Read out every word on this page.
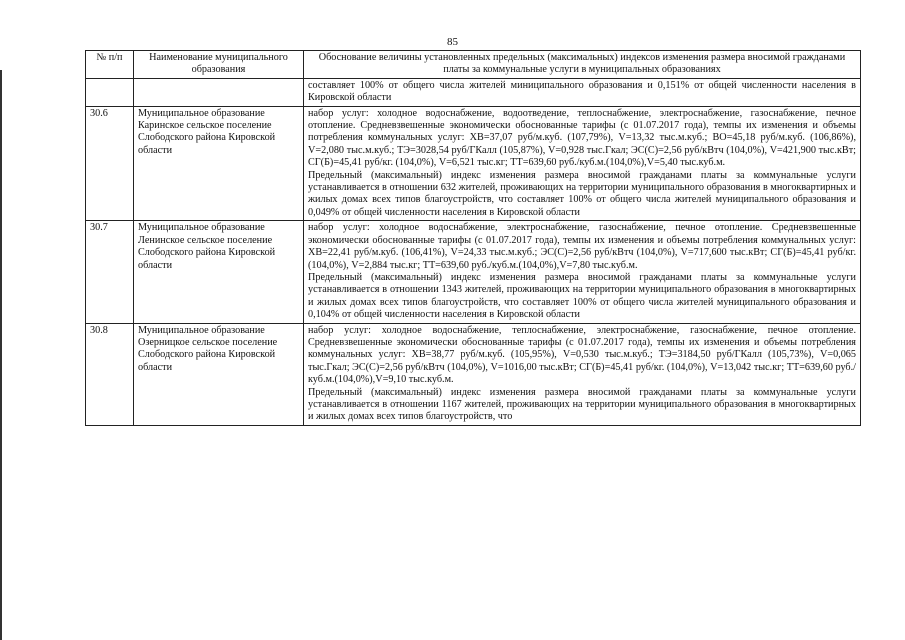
85
№ п/п	Наименование муниципального образования	Обоснование величины установленных предельных (максимальных) индексов изменения размера вносимой гражданами платы за коммунальные услуги в муниципальных образованиях

		составляет 100% от общего числа жителей миниципального образования и 0,151% от общей численности населения в Кировской области

30.6	Муниципальное образование Каринское сельское поселение Слободского района Кировской области	набор услуг: холодное водоснабжение, водоотведение, теплоснабжение, электроснабжение, газоснабжение, печное отопление. Средневзвешенные экономически обоснованные тарифы (с 01.07.2017 года), темпы их изменения и объемы потребления коммунальных услуг: ХВ=37,07 руб/м.куб. (107,79%), V=13,32 тыс.м.куб.; ВО=45,18 руб/м.куб. (106,86%), V=2,080 тыс.м.куб.; ТЭ=3028,54 руб/ГКалл (105,87%), V=0,928 тыс.Гкал; ЭС(С)=2,56 руб/кВтч (104,0%), V=421,900 тыс.кВт; СГ(Б)=45,41 руб/кг. (104,0%), V=6,521 тыс.кг; ТТ=639,60 руб./куб.м.(104,0%),V=5,40 тыс.куб.м.

Предельный (максимальный) индекс изменения размера вносимой гражданами платы за коммунальные услуги устанавливается в отношении 632 жителей, проживающих на территории муниципального образования в многоквартирных и жилых домах всех типов благоустройств, что составляет 100% от общего числа жителей муниципального образования и 0,049% от общей численности населения в Кировской области

30.7	Муниципальное образование Ленинское сельское поселение Слободского района Кировской области	набор услуг: холодное водоснабжение, электроснабжение, газоснабжение, печное отопление. Средневзвешенные экономически обоснованные тарифы (с 01.07.2017 года), темпы их изменения и объемы потребления коммунальных услуг: ХВ=22,41 руб/м.куб. (106,41%), V=24,33 тыс.м.куб.; ЭС(С)=2,56 руб/кВтч (104,0%), V=717,600 тыс.кВт; СГ(Б)=45,41 руб/кг. (104,0%), V=2,884 тыс.кг; ТТ=639,60 руб./куб.м.(104,0%),V=7,80 тыс.куб.м.

Предельный (максимальный) индекс изменения размера вносимой гражданами платы за коммунальные услуги устанавливается в отношении 1343 жителей, проживающих на территории муниципального образования в многоквартирных и жилых домах всех типов благоустройств, что составляет 100% от общего числа жителей муниципального образования и 0,104% от общей численности населения в Кировской области

30.8	Муниципальное образование Озерницкое сельское поселение Слободского района Кировской области	набор услуг: холодное водоснабжение, теплоснабжение, электроснабжение, газоснабжение, печное отопление. Средневзвешенные экономически обоснованные тарифы (с 01.07.2017 года), темпы их изменения и объемы потребления коммунальных услуг: ХВ=38,77 руб/м.куб. (105,95%), V=0,530 тыс.м.куб.; ТЭ=3184,50 руб/ГКалл (105,73%), V=0,065 тыс.Гкал; ЭС(С)=2,56 руб/кВтч (104,0%), V=1016,00 тыс.кВт; СГ(Б)=45,41 руб/кг. (104,0%), V=13,042 тыс.кг; ТТ=639,60 руб./куб.м.(104,0%),V=9,10 тыс.куб.м.

Предельный (максимальный) индекс изменения размера вносимой гражданами платы за коммунальные услуги устанавливается в отношении 1167 жителей, проживающих на территории муниципального образования в многоквартирных и жилых домах всех типов благоустройств, что
